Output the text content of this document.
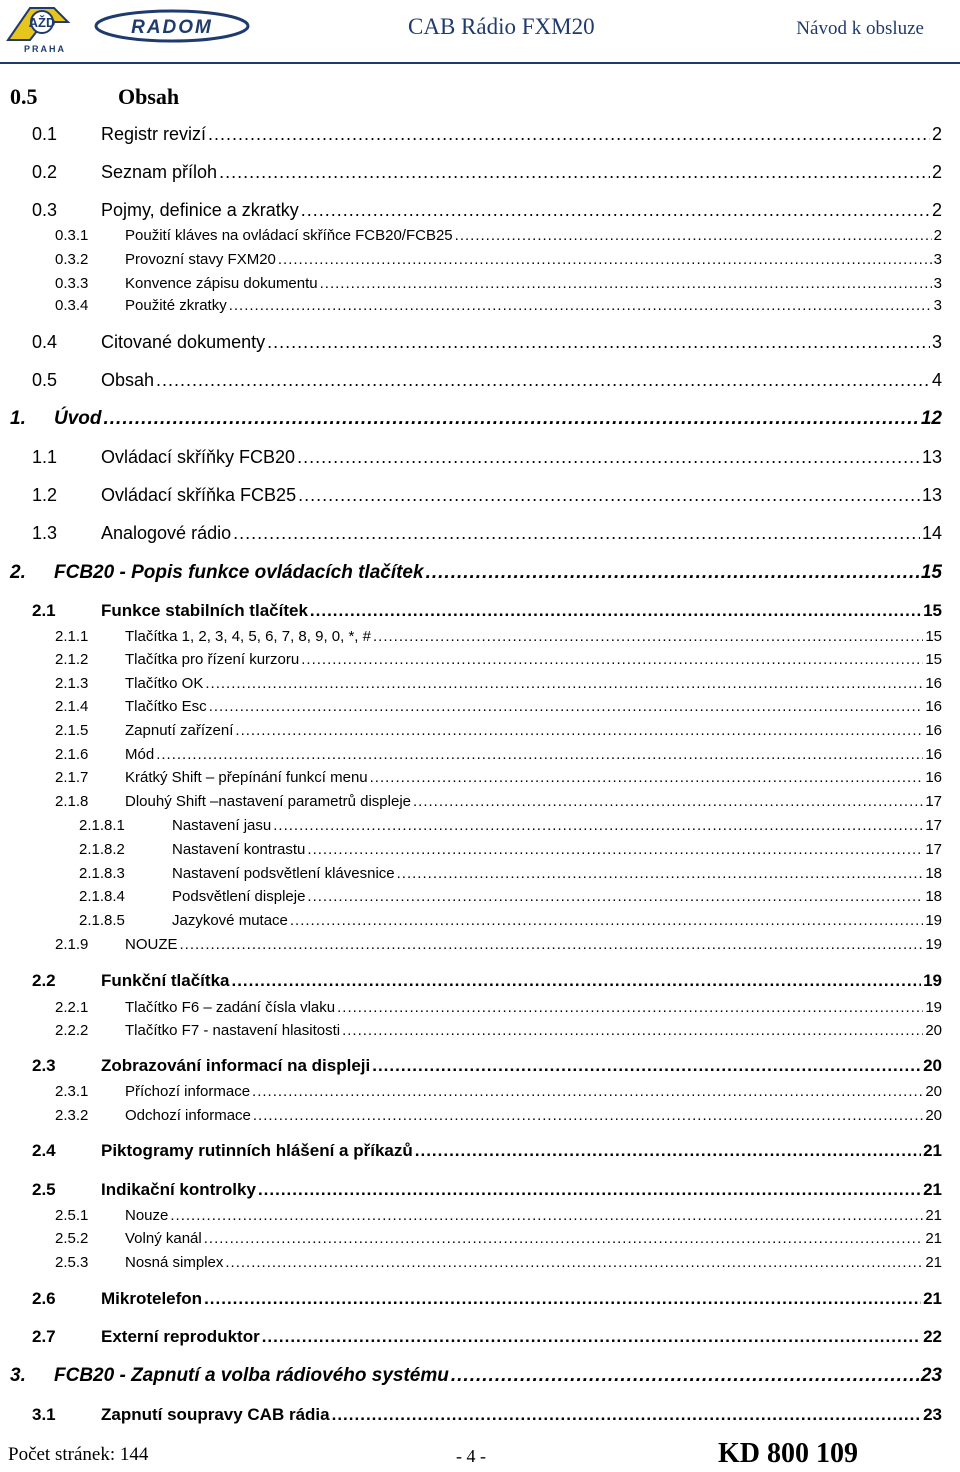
AŽD
PRAHA
RADOM	CAB Rádio FXM20	Návod k obsluze
0.5	Obsah
0.1	Registr revizí .....	2
0.2	Seznam příloh .....	2
0.3	Pojmy, definice a zkratky .....	2
0.3.1	Použití kláves na ovládací skříňce FCB20/FCB25 .....	2
0.3.2	Provozní stavy FXM20 .....	3
0.3.3	Konvence zápisu dokumentu .....	3
0.3.4	Použité zkratky .....	3
0.4	Citované dokumenty .....	3
0.5	Obsah .....	4
1.	Úvod .....	12
1.1	Ovládací skříňky FCB20 .....	13
1.2	Ovládací skříňka FCB25 .....	13
1.3	Analogové rádio .....	14
2.	FCB20 - Popis funkce ovládacích tlačítek .....	15
2.1	Funkce stabilních tlačítek .....	15
2.1.1	Tlačítka 1, 2, 3, 4, 5, 6, 7, 8, 9, 0, *, # .....	15
2.1.2	Tlačítka pro řízení kurzoru .....	15
2.1.3	Tlačítko OK .....	16
2.1.4	Tlačítko Esc .....	16
2.1.5	Zapnutí zařízení .....	16
2.1.6	Mód .....	16
2.1.7	Krátký Shift – přepínání funkcí menu .....	16
2.1.8	Dlouhý Shift –nastavení parametrů displeje .....	17
2.1.8.1	Nastavení jasu .....	17
2.1.8.2	Nastavení kontrastu .....	17
2.1.8.3	Nastavení podsvětlení klávesnice .....	18
2.1.8.4	Podsvětlení displeje .....	18
2.1.8.5	Jazykové mutace .....	19
2.1.9	NOUZE .....	19
2.2	Funkční tlačítka .....	19
2.2.1	Tlačítko F6 – zadání čísla vlaku .....	19
2.2.2	Tlačítko F7 - nastavení hlasitosti .....	20
2.3	Zobrazování informací na displeji .....	20
2.3.1	Příchozí informace .....	20
2.3.2	Odchozí informace .....	20
2.4	Piktogramy rutinních hlášení a příkazů .....	21
2.5	Indikační kontrolky .....	21
2.5.1	Nouze .....	21
2.5.2	Volný kanál .....	21
2.5.3	Nosná simplex .....	21
2.6	Mikrotelefon .....	21
2.7	Externí reproduktor .....	22
3.	FCB20 - Zapnutí a volba rádiového systému .....	23
3.1	Zapnutí soupravy CAB rádia .....	23
Počet stránek: 144	- 4 -	KD 800 109
